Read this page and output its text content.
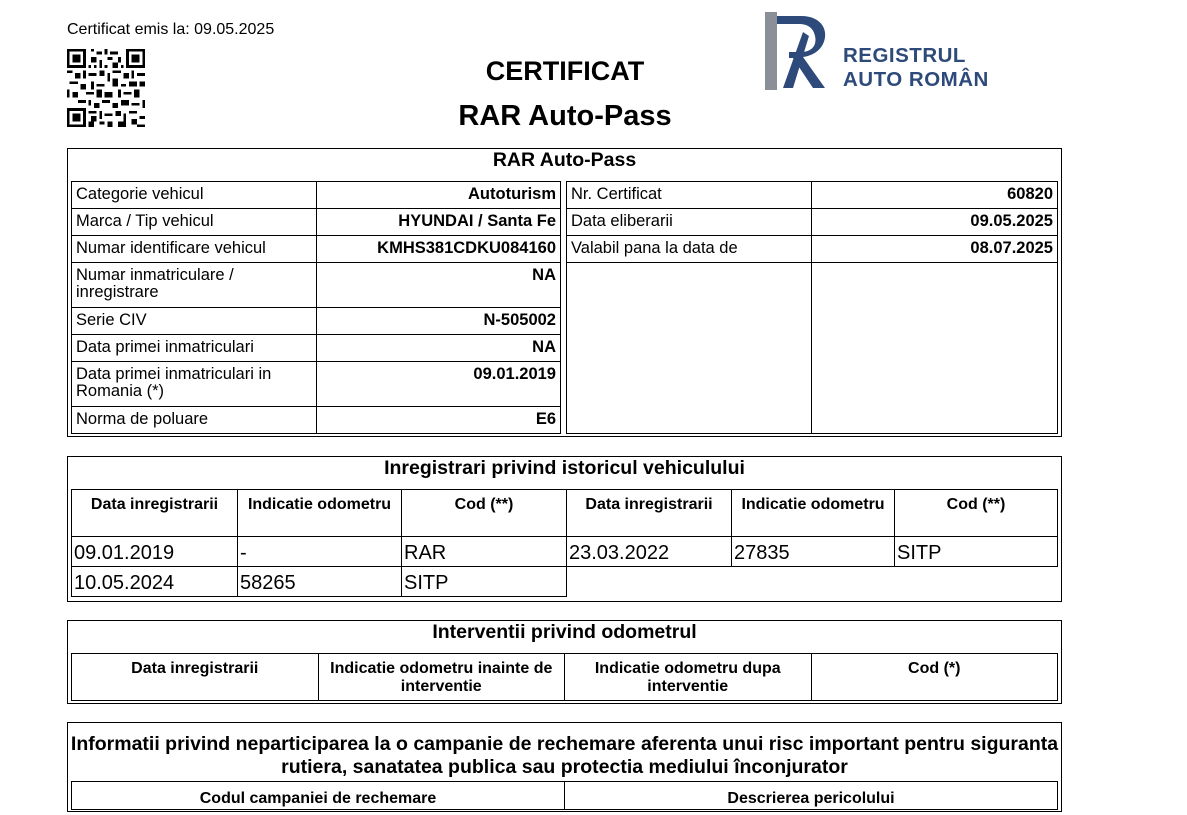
Certificat emis la: 09.05.2025
CERTIFICAT
RAR Auto-Pass
REGISTRUL
AUTO ROMÂN
RAR Auto-Pass
Categorie vehicul	Autoturism
Marca / Tip vehicul	HYUNDAI / Santa Fe
Numar identificare vehicul	KMHS381CDKU084160
Numar inmatriculare / inregistrare	NA
Serie CIV	N-505002
Data primei inmatriculari	NA
Data primei inmatriculari in Romania (*)	09.01.2019
Norma de poluare	E6
Nr. Certificat	60820
Data eliberarii	09.05.2025
Valabil pana la data de	08.07.2025

Inregistrari privind istoricul vehiculului
Data inregistrarii	Indicatie odometru	Cod (**)	Data inregistrarii	Indicatie odometru	Cod (**)
09.01.2019	-	RAR	23.03.2022	27835	SITP
10.05.2024	58265	SITP			
Interventii privind odometrul
Data inregistrarii	Indicatie odometru inainte de interventie	Indicatie odometru dupa interventie	Cod (*)
Informatii privind neparticiparea la o campanie de rechemare aferenta unui risc important pentru siguranta rutiera, sanatatea publica sau protectia mediului înconjurator
Codul campaniei de rechemare	Descrierea pericolului
